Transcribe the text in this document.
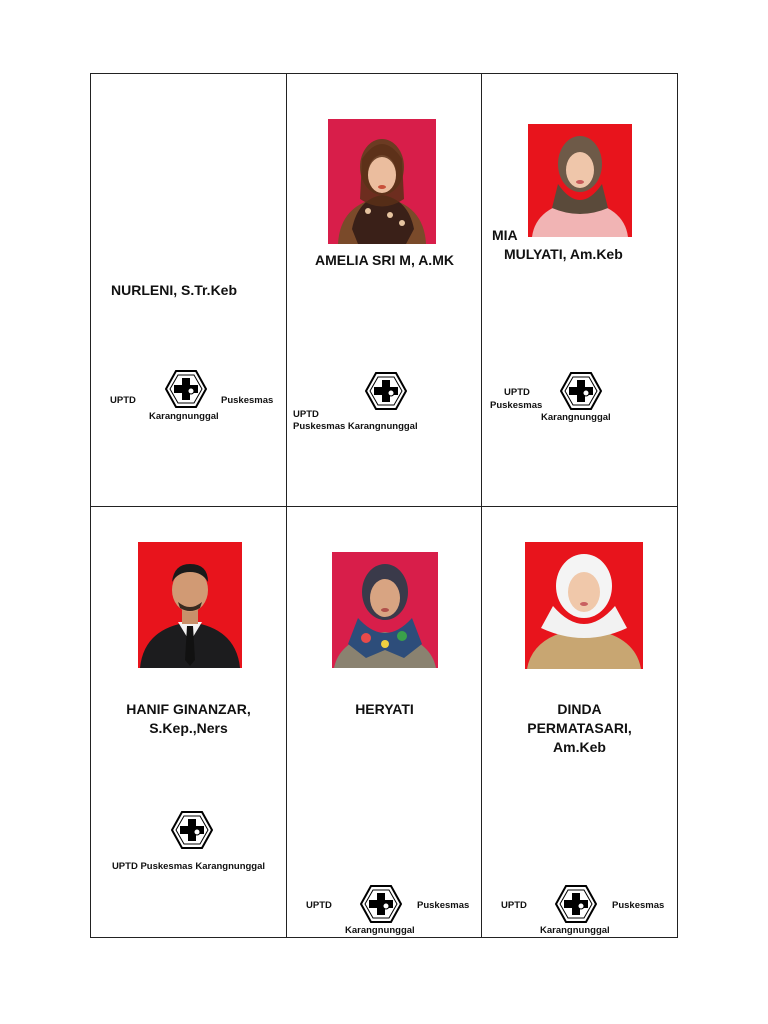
NURLENI, S.Tr.Keb
UPTD	Puskesmas
Karangnunggal
AMELIA SRI M, A.MK
UPTD
Puskesmas Karangnunggal
MIA
MULYATI, Am.Keb
UPTD
Puskesmas
Karangnunggal
HANIF GINANZAR,
S.Kep.,Ners
UPTD Puskesmas Karangnunggal
HERYATI
UPTD	Puskesmas
Karangnunggal
DINDA
PERMATASARI,
Am.Keb
UPTD	Puskesmas
Karangnunggal
